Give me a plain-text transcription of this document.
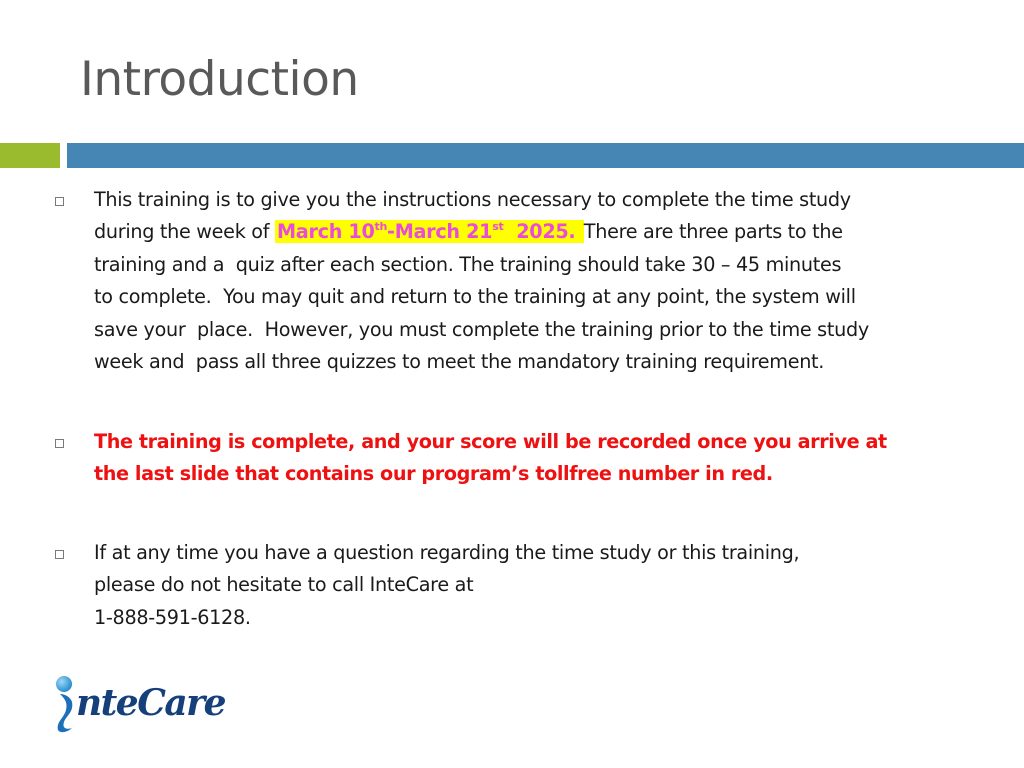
Introduction
This training is to give you the instructions necessary to complete the time study
during the week of March 10th-March 21st  2025. There are three parts to the
training and a  quiz after each section. The training should take 30 – 45 minutes
to complete.  You may quit and return to the training at any point, the system will
save your  place.  However, you must complete the training prior to the time study
week and  pass all three quizzes to meet the mandatory training requirement.
The training is complete, and your score will be recorded once you arrive at
the last slide that contains our program’s tollfree number in red.
If at any time you have a question regarding the time study or this training,
please do not hesitate to call InteCare at
1-888-591-6128.
nteCare
